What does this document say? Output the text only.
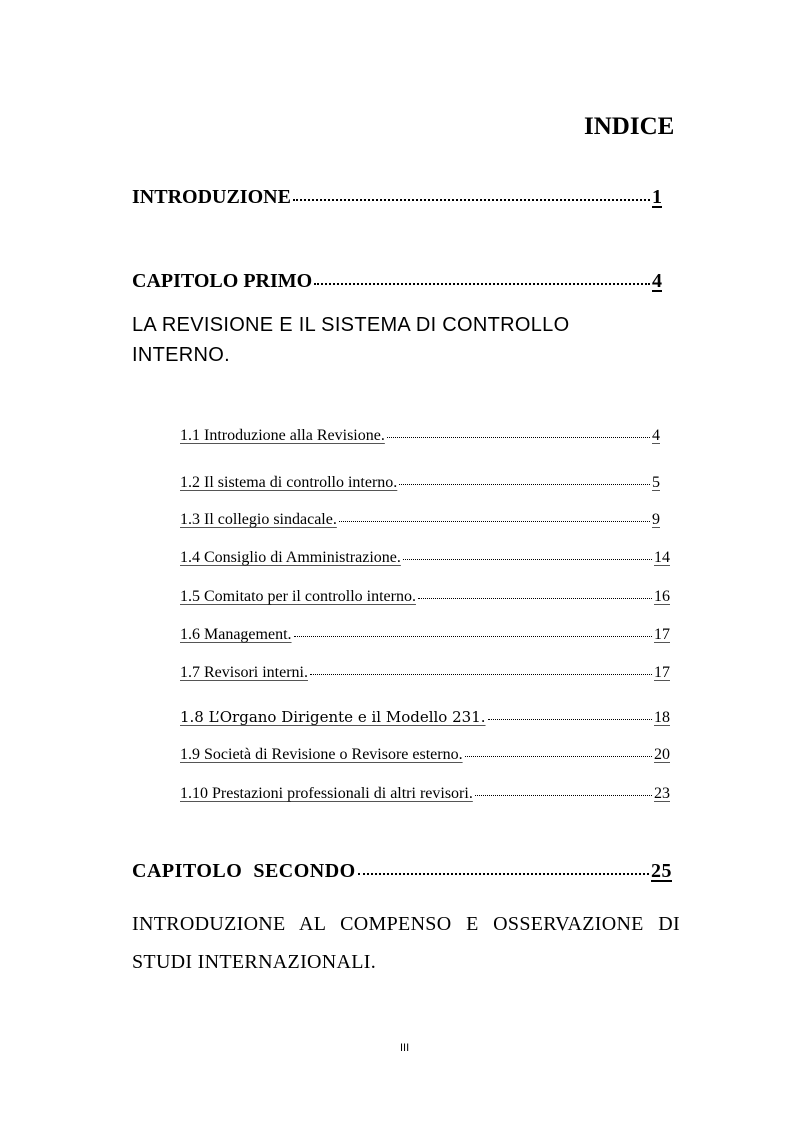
INDICE
INTRODUZIONE	1
CAPITOLO PRIMO	4

LA REVISIONE E IL SISTEMA DI CONTROLLO INTERNO.

1.1 Introduzione alla Revisione.	4
1.2 Il sistema di controllo interno.	5
1.3 Il collegio sindacale.	9
1.4 Consiglio di Amministrazione.	14
1.5 Comitato per il controllo interno.	16
1.6 Management.	17
1.7 Revisori interni.	17
1.8 L’Organo Dirigente e il Modello 231.	18
1.9 Società di Revisione o Revisore esterno.	20
1.10 Prestazioni professionali di altri revisori.	23
CAPITOLO  SECONDO	25

INTRODUZIONE AL COMPENSO E OSSERVAZIONE DI STUDI INTERNAZIONALI.

III
